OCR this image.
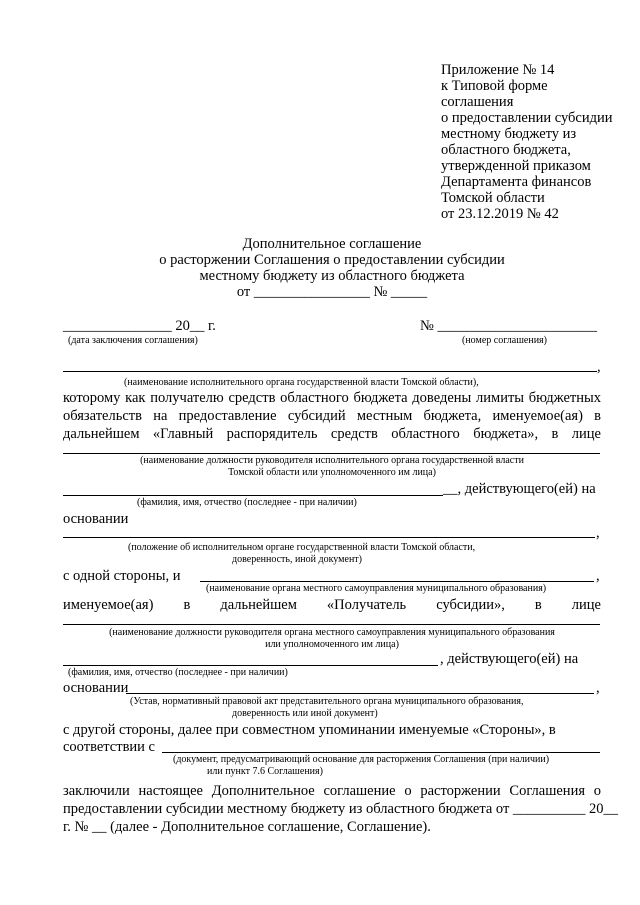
Приложение № 14
к Типовой форме
соглашения
о предоставлении субсидии
местному бюджету из
областного бюджета,
утвержденной приказом
Департамента финансов
Томской области
от 23.12.2019 № 42
Дополнительное соглашение
о расторжении Соглашения о предоставлении субсидии
местному бюджету из областного бюджета
от ________________ № _____
_______________ 20__ г.	№ ______________________
(дата заключения соглашения)	(номер соглашения)
,
(наименование исполнительного органа государственной власти Томской области),
которому как получателю средств областного бюджета доведены лимиты бюджетных
обязательств на предоставление субсидий местным бюджета, именуемое(ая) в
дальнейшем «Главный распорядитель средств областного бюджета», в лице
(наименование должности руководителя исполнительного органа государственной власти
Томской области или уполномоченного им лица)
__, действующего(ей) на
(фамилия, имя, отчество (последнее - при наличии)
основании
,
(положение об исполнительном органе государственной власти Томской области,
доверенность, иной документ)
с одной стороны, и	,
(наименование органа местного самоуправления муниципального образования)
именуемое(ая) в дальнейшем «Получатель субсидии», в лице
(наименование должности руководителя органа местного самоуправления муниципального образования
или уполномоченного им лица)
, действующего(ей) на
(фамилия, имя, отчество (последнее - при наличии)
основании	,
(Устав, нормативный правовой акт представительного органа муниципального образования,
доверенность или иной документ)
с другой стороны, далее при совместном упоминании именуемые «Стороны», в
соответствии с
(документ, предусматривающий основание для расторжения Соглашения (при наличии)
или пункт 7.6 Соглашения)
заключили настоящее Дополнительное соглашение о расторжении Соглашения о
предоставлении субсидии местному бюджету из областного бюджета от __________ 20__
г. № __ (далее - Дополнительное соглашение, Соглашение).
